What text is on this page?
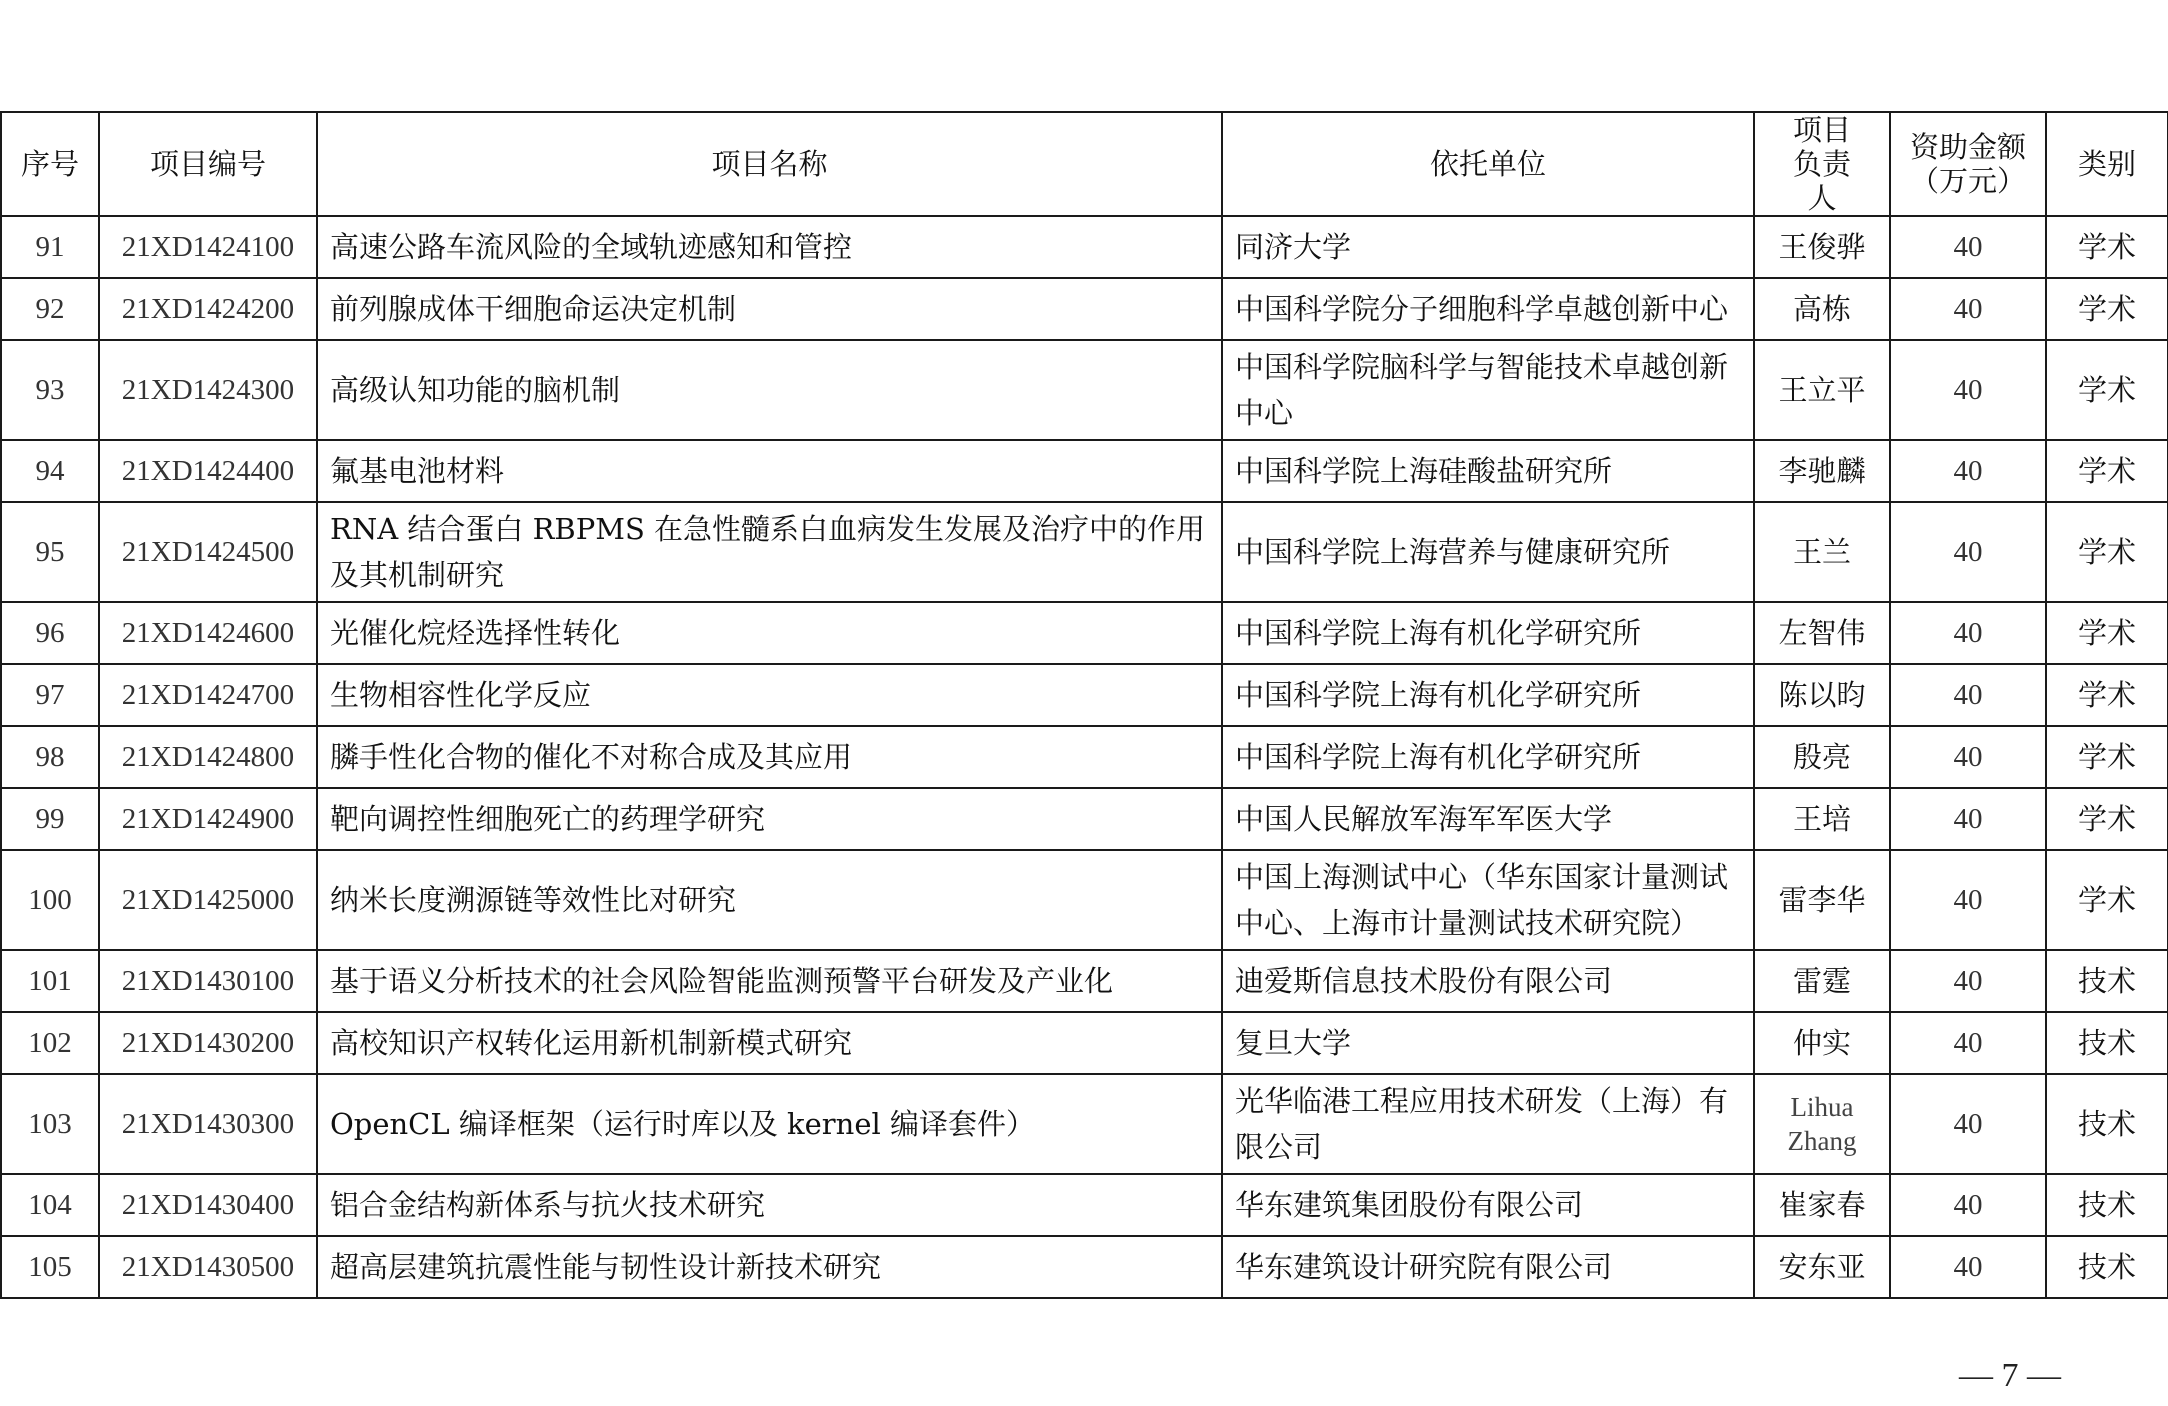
序号	项目编号	项目名称	依托单位	项目负责人	资助金额（万元）	类别
91	21XD1424100	高速公路车流风险的全域轨迹感知和管控	同济大学	王俊骅	40	学术
92	21XD1424200	前列腺成体干细胞命运决定机制	中国科学院分子细胞科学卓越创新中心	高栋	40	学术
93	21XD1424300	高级认知功能的脑机制	中国科学院脑科学与智能技术卓越创新中心	王立平	40	学术
94	21XD1424400	氟基电池材料	中国科学院上海硅酸盐研究所	李驰麟	40	学术
95	21XD1424500	RNA 结合蛋白 RBPMS 在急性髓系白血病发生发展及治疗中的作用及其机制研究	中国科学院上海营养与健康研究所	王兰	40	学术
96	21XD1424600	光催化烷烃选择性转化	中国科学院上海有机化学研究所	左智伟	40	学术
97	21XD1424700	生物相容性化学反应	中国科学院上海有机化学研究所	陈以昀	40	学术
98	21XD1424800	膦手性化合物的催化不对称合成及其应用	中国科学院上海有机化学研究所	殷亮	40	学术
99	21XD1424900	靶向调控性细胞死亡的药理学研究	中国人民解放军海军军医大学	王培	40	学术
100	21XD1425000	纳米长度溯源链等效性比对研究	中国上海测试中心（华东国家计量测试中心、上海市计量测试技术研究院）	雷李华	40	学术
101	21XD1430100	基于语义分析技术的社会风险智能监测预警平台研发及产业化	迪爱斯信息技术股份有限公司	雷霆	40	技术
102	21XD1430200	高校知识产权转化运用新机制新模式研究	复旦大学	仲实	40	技术
103	21XD1430300	OpenCL 编译框架（运行时库以及 kernel 编译套件）	光华临港工程应用技术研发（上海）有限公司	Lihua Zhang	40	技术
104	21XD1430400	铝合金结构新体系与抗火技术研究	华东建筑集团股份有限公司	崔家春	40	技术
105	21XD1430500	超高层建筑抗震性能与韧性设计新技术研究	华东建筑设计研究院有限公司	安东亚	40	技术
— 7 —
